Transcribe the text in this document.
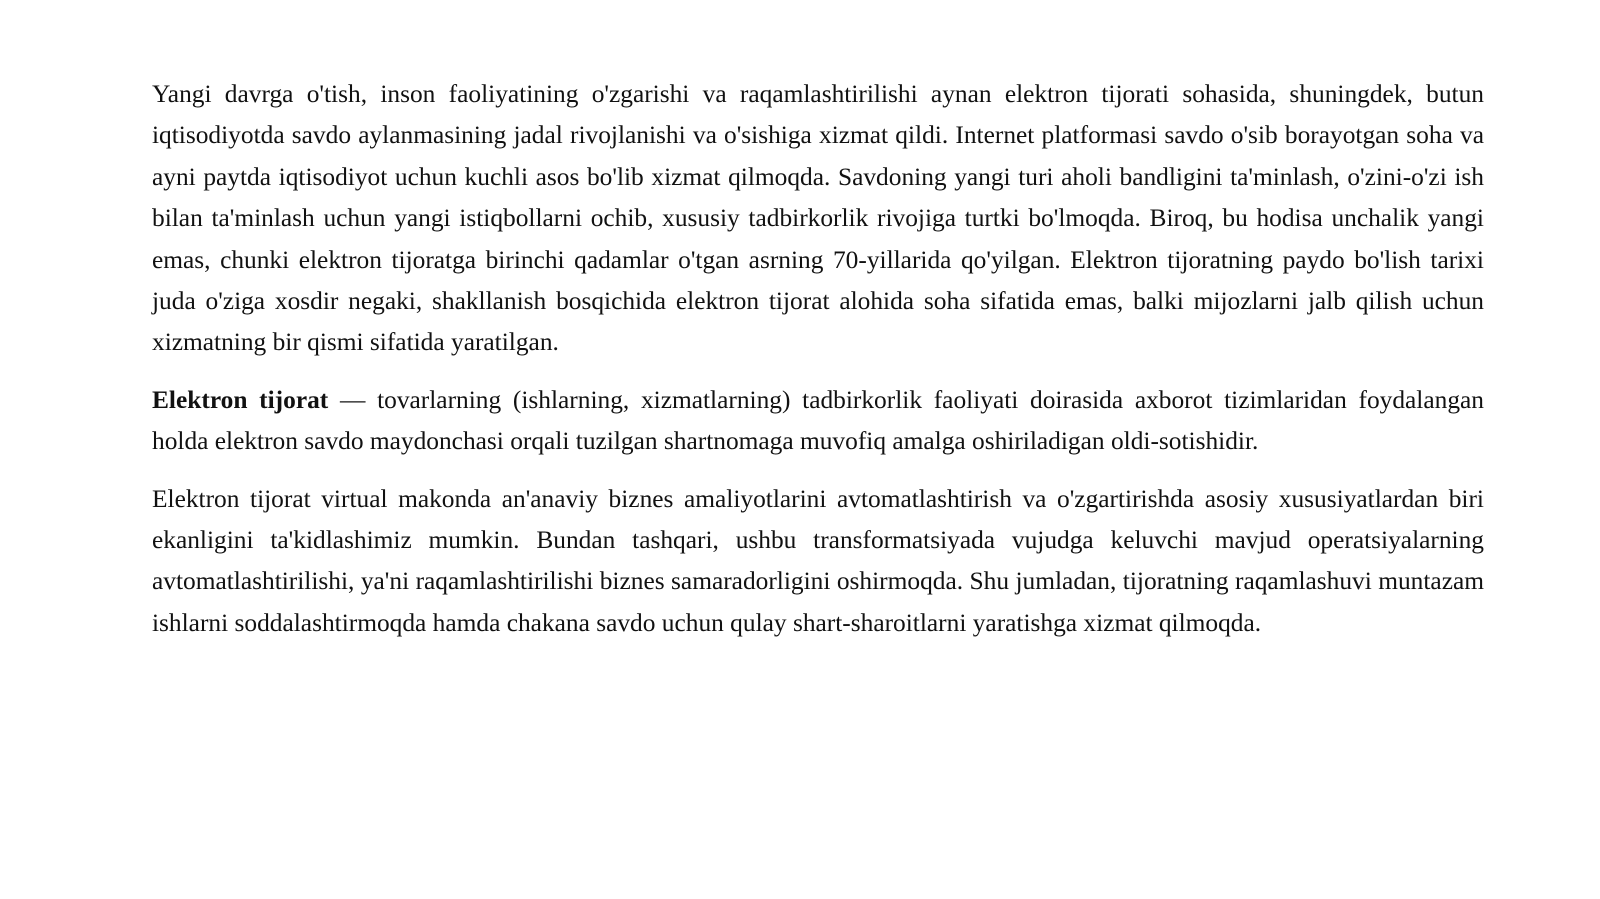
Yangi davrga o'tish, inson faoliyatining o'zgarishi va raqamlashtirilishi aynan elektron tijorati sohasida, shuningdek, butun iqtisodiyotda savdo aylanmasining jadal rivojlanishi va o'sishiga xizmat qildi. Internet platformasi savdo o'sib borayotgan soha va ayni paytda iqtisodiyot uchun kuchli asos bo'lib xizmat qilmoqda. Savdoning yangi turi aholi bandligini ta'minlash, o'zini-o'zi ish bilan ta'minlash uchun yangi istiqbollarni ochib, xususiy tadbirkorlik rivojiga turtki bo'lmoqda. Biroq, bu hodisa unchalik yangi emas, chunki elektron tijoratga birinchi qadamlar o'tgan asrning 70-yillarida qo'yilgan. Elektron tijoratning paydo bo'lish tarixi juda o'ziga xosdir negaki, shakllanish bosqichida elektron tijorat alohida soha sifatida emas, balki mijozlarni jalb qilish uchun xizmatning bir qismi sifatida yaratilgan.

Elektron tijorat — tovarlarning (ishlarning, xizmatlarning) tadbirkorlik faoliyati doirasida axborot tizimlaridan foydalangan holda elektron savdo maydonchasi orqali tuzilgan shartnomaga muvofiq amalga oshiriladigan oldi-sotishidir.

Elektron tijorat virtual makonda an'anaviy biznes amaliyotlarini avtomatlashtirish va o'zgartirishda asosiy xususiyatlardan biri ekanligini ta'kidlashimiz mumkin. Bundan tashqari, ushbu transformatsiyada vujudga keluvchi mavjud operatsiyalarning avtomatlashtirilishi, ya'ni raqamlashtirilishi biznes samaradorligini oshirmoqda. Shu jumladan, tijoratning raqamlashuvi muntazam ishlarni soddalashtirmoqda hamda chakana savdo uchun qulay shart-sharoitlarni yaratishga xizmat qilmoqda.
